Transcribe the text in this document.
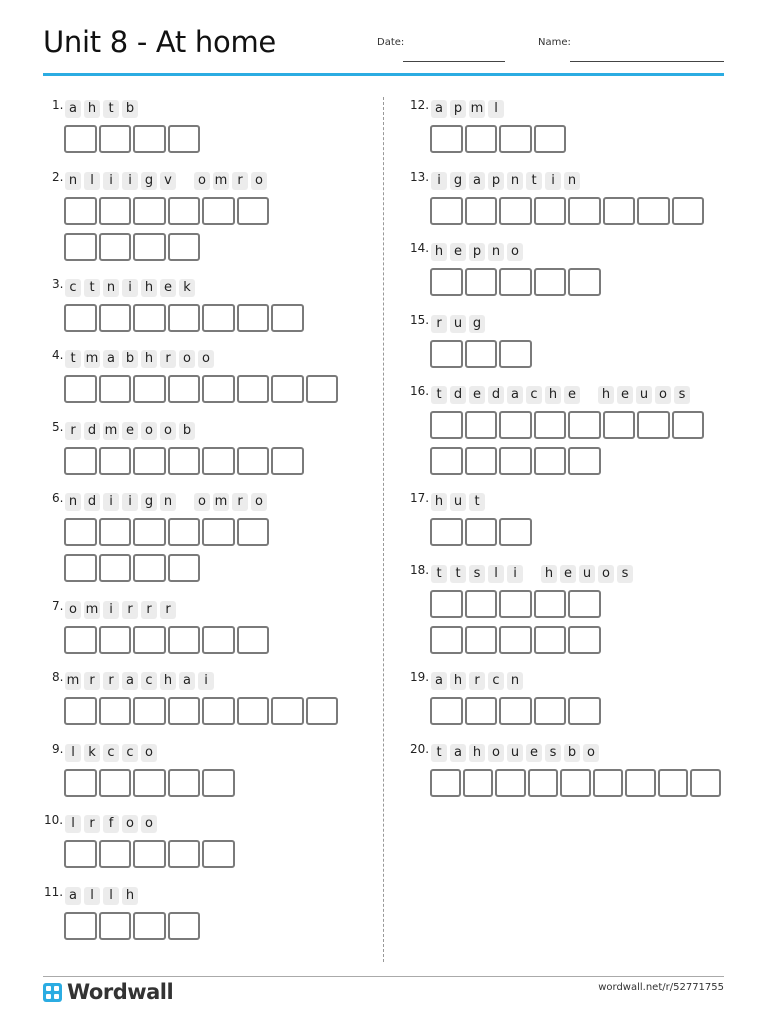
Unit 8 - At home	Date:	Name:
1. a h t b
2. n	l	i	i	g v
	o m r o
3. c t n	i	h e k
4. t m a b h r o o
5. r d m e o o b
6. n d	i	i	g n
	o m r o
7. o m i	r	r	r
8. m r	r a c h a	i
9. l	k c c o
10. l	r	f o o
11. a	l	l	h
12. a p m l
13. i	g a p n t	i	n
14. h e p n o
15. r u g
16. t d e d a c h e
	h e u o s
17. h u t
18. t	t	s	l	i
	h e u o s
19. a h r c n
20. t a h o u e s b o
Wordwall	wordwall.net/r/52771755
